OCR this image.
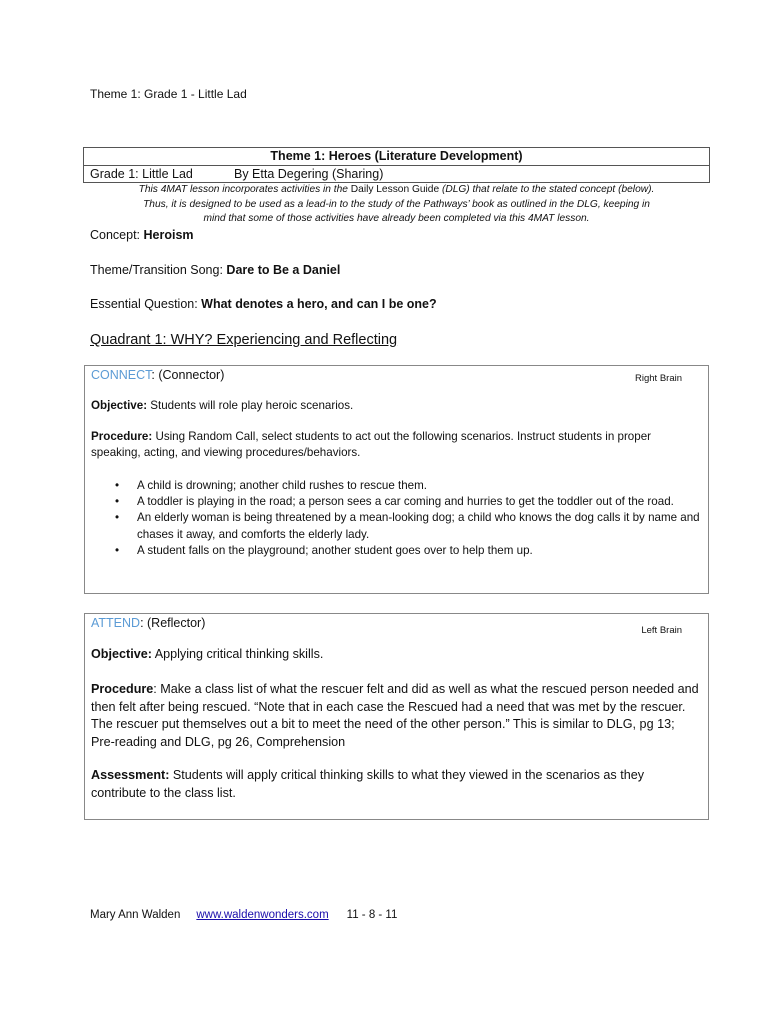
Theme 1: Grade 1 - Little Lad
Theme 1: Heroes (Literature Development)
Grade 1: Little Lad	By Etta Degering (Sharing)
This 4MAT lesson incorporates activities in the Daily Lesson Guide (DLG) that relate to the stated concept (below).
Thus, it is designed to be used as a lead-in to the study of the Pathways’ book as outlined in the DLG, keeping in
mind that some of those activities have already been completed via this 4MAT lesson.
Concept: Heroism
Theme/Transition Song: Dare to Be a Daniel
Essential Question: What denotes a hero, and can I be one?
Quadrant 1: WHY? Experiencing and Reflecting
CONNECT: (Connector)	Right Brain
Objective: Students will role play heroic scenarios.
Procedure: Using Random Call, select students to act out the following scenarios. Instruct students in proper speaking, acting, and viewing procedures/behaviors.
• A child is drowning; another child rushes to rescue them.
• A toddler is playing in the road; a person sees a car coming and hurries to get the toddler out of the road.
• An elderly woman is being threatened by a mean-looking dog; a child who knows the dog calls it by name and chases it away, and comforts the elderly lady.
• A student falls on the playground; another student goes over to help them up.
ATTEND: (Reflector)
Left Brain
Objective: Applying critical thinking skills.
Procedure: Make a class list of what the rescuer felt and did as well as what the rescued person needed and then felt after being rescued. “Note that in each case the Rescued had a need that was met by the rescuer. The rescuer put themselves out a bit to meet the need of the other person.” This is similar to DLG, pg 13; Pre-reading and DLG, pg 26, Comprehension
Assessment: Students will apply critical thinking skills to what they viewed in the scenarios as they contribute to the class list.
Mary Ann Walden www.waldenwonders.com 11 - 8 - 11
